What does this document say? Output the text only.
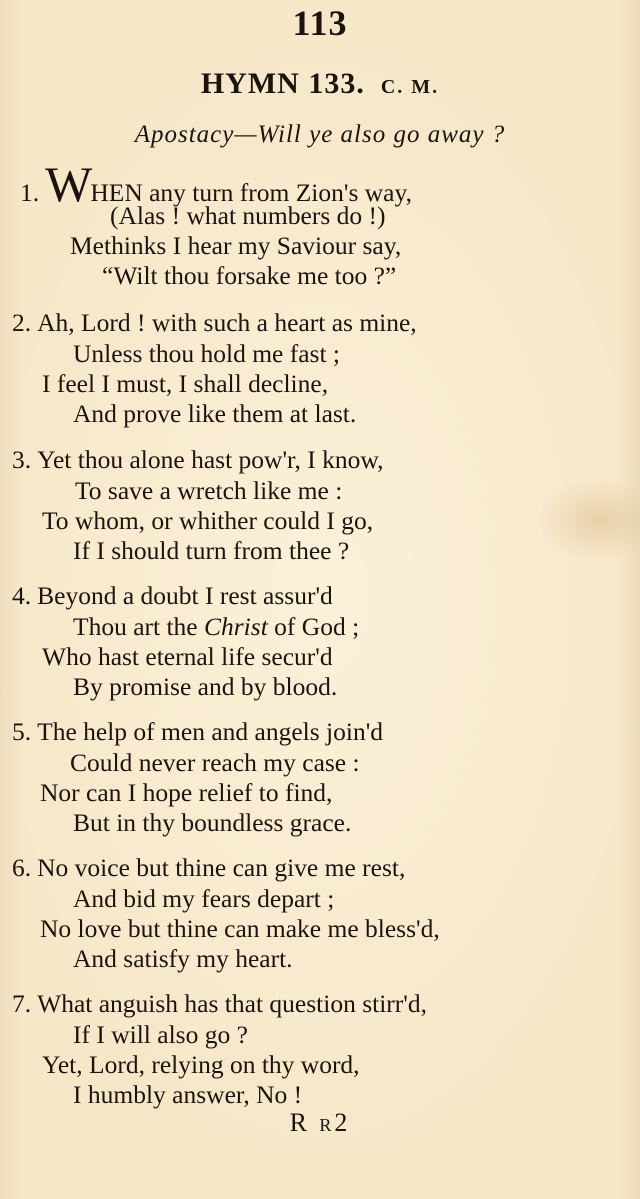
113
HYMN 133. C. M.
Apostacy—Will ye also go away ?
1. WHEN any turn from Zion's way,
(Alas ! what numbers do !)
Methinks I hear my Saviour say,
“Wilt thou forsake me too ?”
2. Ah, Lord ! with such a heart as mine,
Unless thou hold me fast ;
I feel I must, I shall decline,
And prove like them at last.
3. Yet thou alone hast pow'r, I know,
To save a wretch like me :
To whom, or whither could I go,
If I should turn from thee ?
4. Beyond a doubt I rest assur'd
Thou art the Christ of God ;
Who hast eternal life secur'd
By promise and by blood.
5. The help of men and angels join'd
Could never reach my case :
Nor can I hope relief to find,
But in thy boundless grace.
6. No voice but thine can give me rest,
And bid my fears depart ;
No love but thine can make me bless'd,
And satisfy my heart.
7. What anguish has that question stirr'd,
If I will also go ?
Yet, Lord, relying on thy word,
I humbly answer, No !
R R2
